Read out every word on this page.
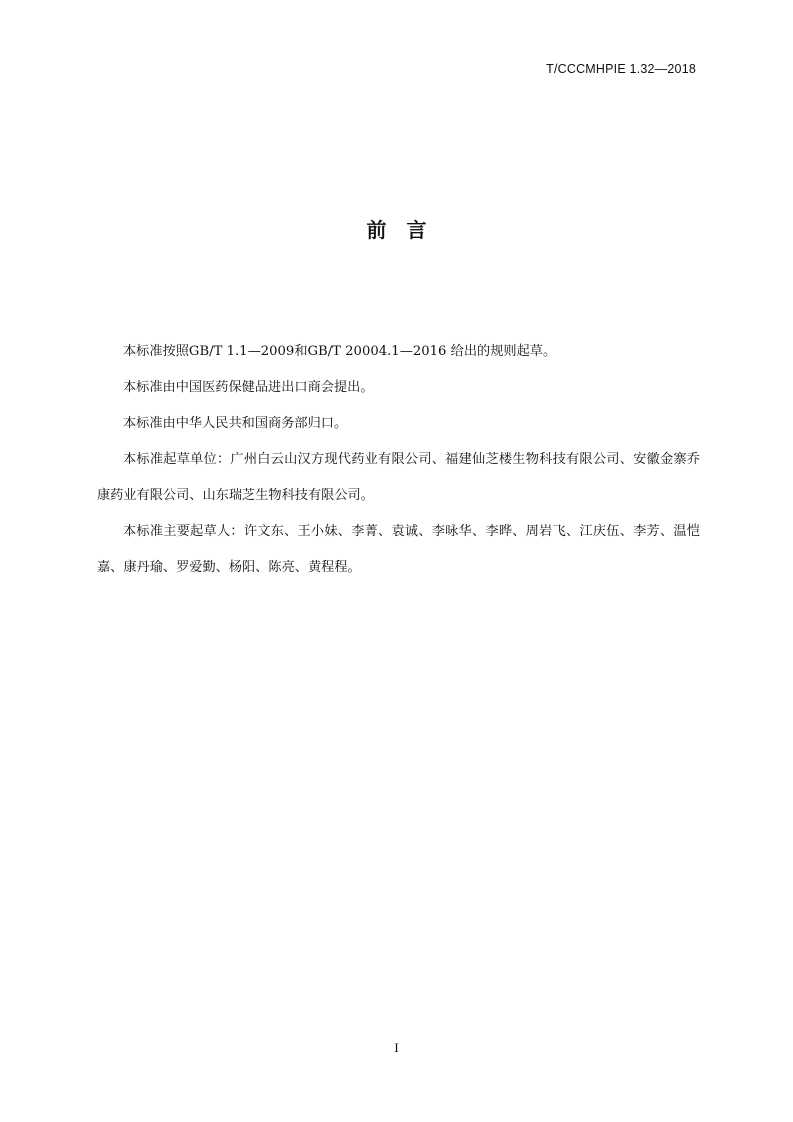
T/CCCMHPIE 1.32—2018
前　言

本标准按照GB/T 1.1—2009和GB/T 20004.1—2016 给出的规则起草。

本标准由中国医药保健品进出口商会提出。

本标准由中华人民共和国商务部归口。

本标准起草单位：广州白云山汉方现代药业有限公司、福建仙芝楼生物科技有限公司、安徽金寨乔康药业有限公司、山东瑞芝生物科技有限公司。

本标准主要起草人：许文东、王小妹、李菁、袁诚、李咏华、李晔、周岩飞、江庆伍、李芳、温恺嘉、康丹瑜、罗爱勤、杨阳、陈亮、黄程程。

I
